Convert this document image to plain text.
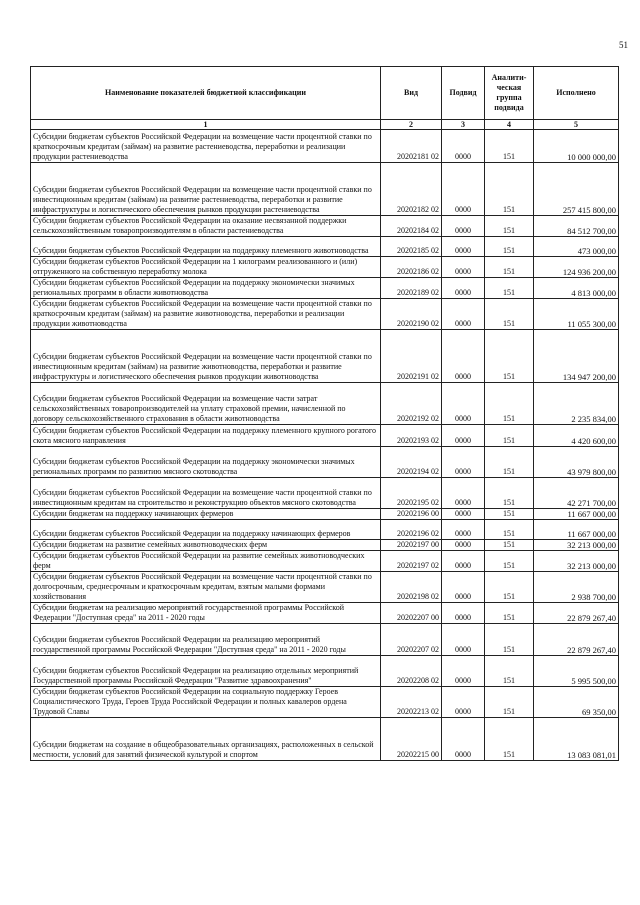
51
Наименование показателей бюджетной классификации	Вид	Подвид	Аналити-ческая группа подвида	Исполнено
1	2	3	4	5
Субсидии бюджетам субъектов Российской Федерации на возмещение части процентной ставки по краткосрочным кредитам (займам) на развитие растениеводства, переработки и реализации продукции растениеводства	20202181 02	0000	151	10 000 000,00
Субсидии бюджетам субъектов Российской Федерации на возмещение части процентной ставки по инвестиционным кредитам (займам) на развитие растениеводства, переработки и развитие инфраструктуры и логистического обеспечения рынков продукции растениеводства	20202182 02	0000	151	257 415 800,00
Субсидии бюджетам субъектов Российской Федерации на оказание несвязанной поддержки сельскохозяйственным товаропроизводителям в области растениеводства	20202184 02	0000	151	84 512 700,00
Субсидии бюджетам субъектов Российской Федерации на поддержку племенного животноводства	20202185 02	0000	151	473 000,00
Субсидии бюджетам субъектов Российской Федерации на 1 килограмм реализованного и (или) отгруженного на собственную переработку молока	20202186 02	0000	151	124 936 200,00
Субсидии бюджетам субъектов Российской Федерации на поддержку экономически значимых региональных программ в области животноводства	20202189 02	0000	151	4 813 000,00
Субсидии бюджетам субъектов Российской Федерации на возмещение части процентной ставки по краткосрочным кредитам (займам) на развитие животноводства, переработки и реализации продукции животноводства	20202190 02	0000	151	11 055 300,00
Субсидии бюджетам субъектов Российской Федерации на возмещение части процентной ставки по инвестиционным кредитам (займам) на развитие животноводства, переработки и развитие инфраструктуры и логистического обеспечения рынков продукции животноводства	20202191 02	0000	151	134 947 200,00
Субсидии бюджетам субъектов Российской Федерации на возмещение части затрат сельскохозяйственных товаропроизводителей на уплату страховой премии, начисленной по договору сельскохозяйственного страхования в области животноводства	20202192 02	0000	151	2 235 834,00
Субсидии бюджетам субъектов Российской Федерации на поддержку племенного крупного рогатого скота мясного направления	20202193 02	0000	151	4 420 600,00
Субсидии бюджетам субъектов Российской Федерации на поддержку экономически значимых региональных программ по развитию мясного скотоводства	20202194 02	0000	151	43 979 800,00
Субсидии бюджетам субъектов Российской Федерации на возмещение части процентной ставки по инвестиционным кредитам на строительство и реконструкцию объектов мясного скотоводства	20202195 02	0000	151	42 271 700,00
Субсидии бюджетам на поддержку начинающих фермеров	20202196 00	0000	151	11 667 000,00
Субсидии бюджетам субъектов Российской Федерации на поддержку начинающих фермеров	20202196 02	0000	151	11 667 000,00
Субсидии бюджетам на развитие семейных животноводческих ферм	20202197 00	0000	151	32 213 000,00
Субсидии бюджетам субъектов Российской Федерации на развитие семейных животноводческих ферм	20202197 02	0000	151	32 213 000,00
Субсидии бюджетам субъектов Российской Федерации на возмещение части процентной ставки по долгосрочным, среднесрочным и краткосрочным кредитам, взятым малыми формами хозяйствования	20202198 02	0000	151	2 938 700,00
Субсидии бюджетам на реализацию мероприятий государственной программы Российской Федерации "Доступная среда" на 2011 - 2020 годы	20202207 00	0000	151	22 879 267,40
Субсидии бюджетам субъектов Российской Федерации на реализацию мероприятий государственной программы Российской Федерации "Доступная среда" на 2011 - 2020 годы	20202207 02	0000	151	22 879 267,40
Субсидии бюджетам субъектов Российской Федерации на реализацию отдельных мероприятий Государственной программы Российской Федерации "Развитие здравоохранения"	20202208 02	0000	151	5 995 500,00
Субсидии бюджетам субъектов Российской Федерации на социальную поддержку Героев Социалистического Труда, Героев Труда Российской Федерации и полных кавалеров ордена Трудовой Славы	20202213 02	0000	151	69 350,00
Субсидии бюджетам на создание в общеобразовательных организациях, расположенных в сельской местности, условий для занятий физической культурой и спортом	20202215 00	0000	151	13 083 081,01
